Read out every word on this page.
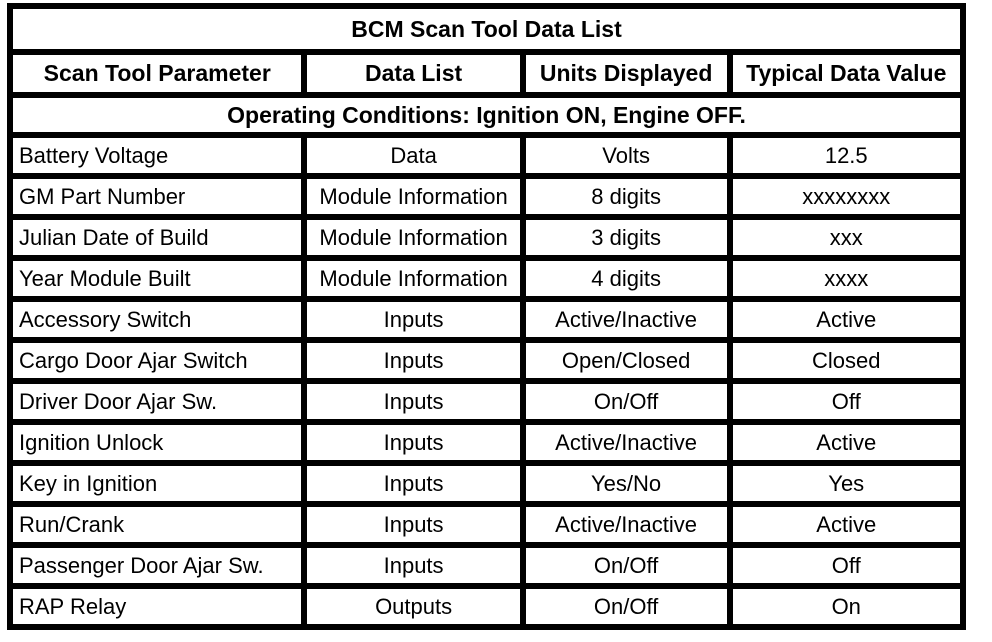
BCM Scan Tool Data List			
Scan Tool Parameter	Data List	Units Displayed	Typical Data Value
Operating Conditions: Ignition ON, Engine OFF.			
Battery Voltage	Data	Volts	12.5
GM Part Number	Module Information	8 digits	xxxxxxxx
Julian Date of Build	Module Information	3 digits	xxx
Year Module Built	Module Information	4 digits	xxxx
Accessory Switch	Inputs	Active/Inactive	Active
Cargo Door Ajar Switch	Inputs	Open/Closed	Closed
Driver Door Ajar Sw.	Inputs	On/Off	Off
Ignition Unlock	Inputs	Active/Inactive	Active
Key in Ignition	Inputs	Yes/No	Yes
Run/Crank	Inputs	Active/Inactive	Active
Passenger Door Ajar Sw.	Inputs	On/Off	Off
RAP Relay	Outputs	On/Off	On
